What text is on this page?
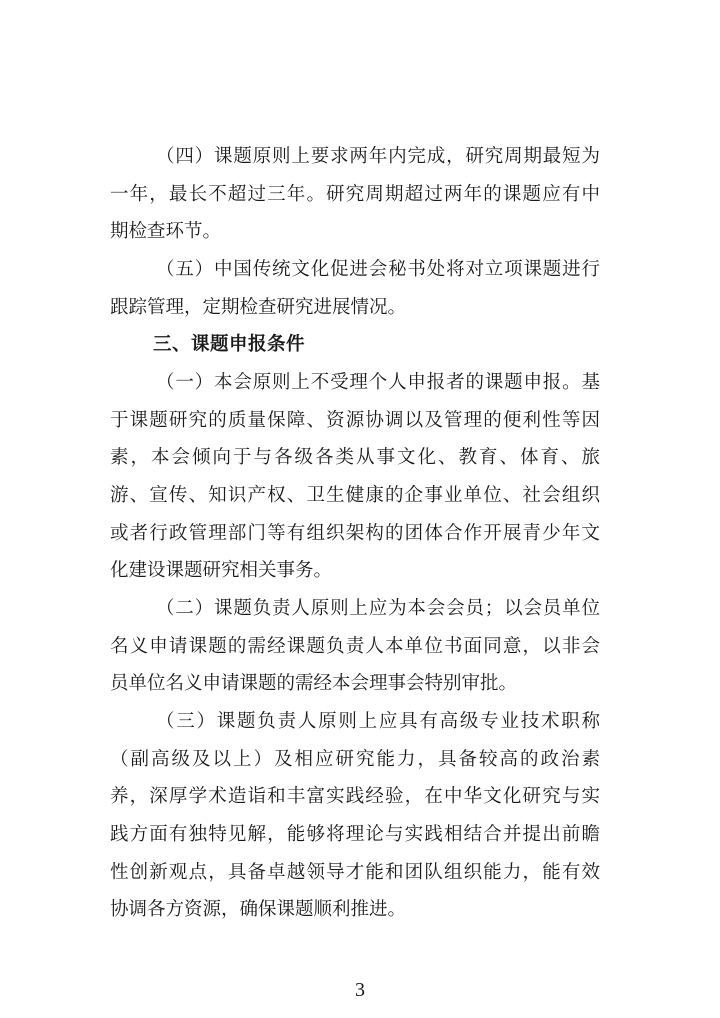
（四）课题原则上要求两年内完成，研究周期最短为
一年，最长不超过三年。研究周期超过两年的课题应有中
期检查环节。
（五）中国传统文化促进会秘书处将对立项课题进行
跟踪管理，定期检查研究进展情况。
三、课题申报条件
（一）本会原则上不受理个人申报者的课题申报。基
于课题研究的质量保障、资源协调以及管理的便利性等因
素，本会倾向于与各级各类从事文化、教育、体育、旅
游、宣传、知识产权、卫生健康的企事业单位、社会组织
或者行政管理部门等有组织架构的团体合作开展青少年文
化建设课题研究相关事务。
（二）课题负责人原则上应为本会会员；以会员单位
名义申请课题的需经课题负责人本单位书面同意，以非会
员单位名义申请课题的需经本会理事会特别审批。
（三）课题负责人原则上应具有高级专业技术职称
（副高级及以上）及相应研究能力，具备较高的政治素
养，深厚学术造诣和丰富实践经验，在中华文化研究与实
践方面有独特见解，能够将理论与实践相结合并提出前瞻
性创新观点，具备卓越领导才能和团队组织能力，能有效
协调各方资源，确保课题顺利推进。
3
